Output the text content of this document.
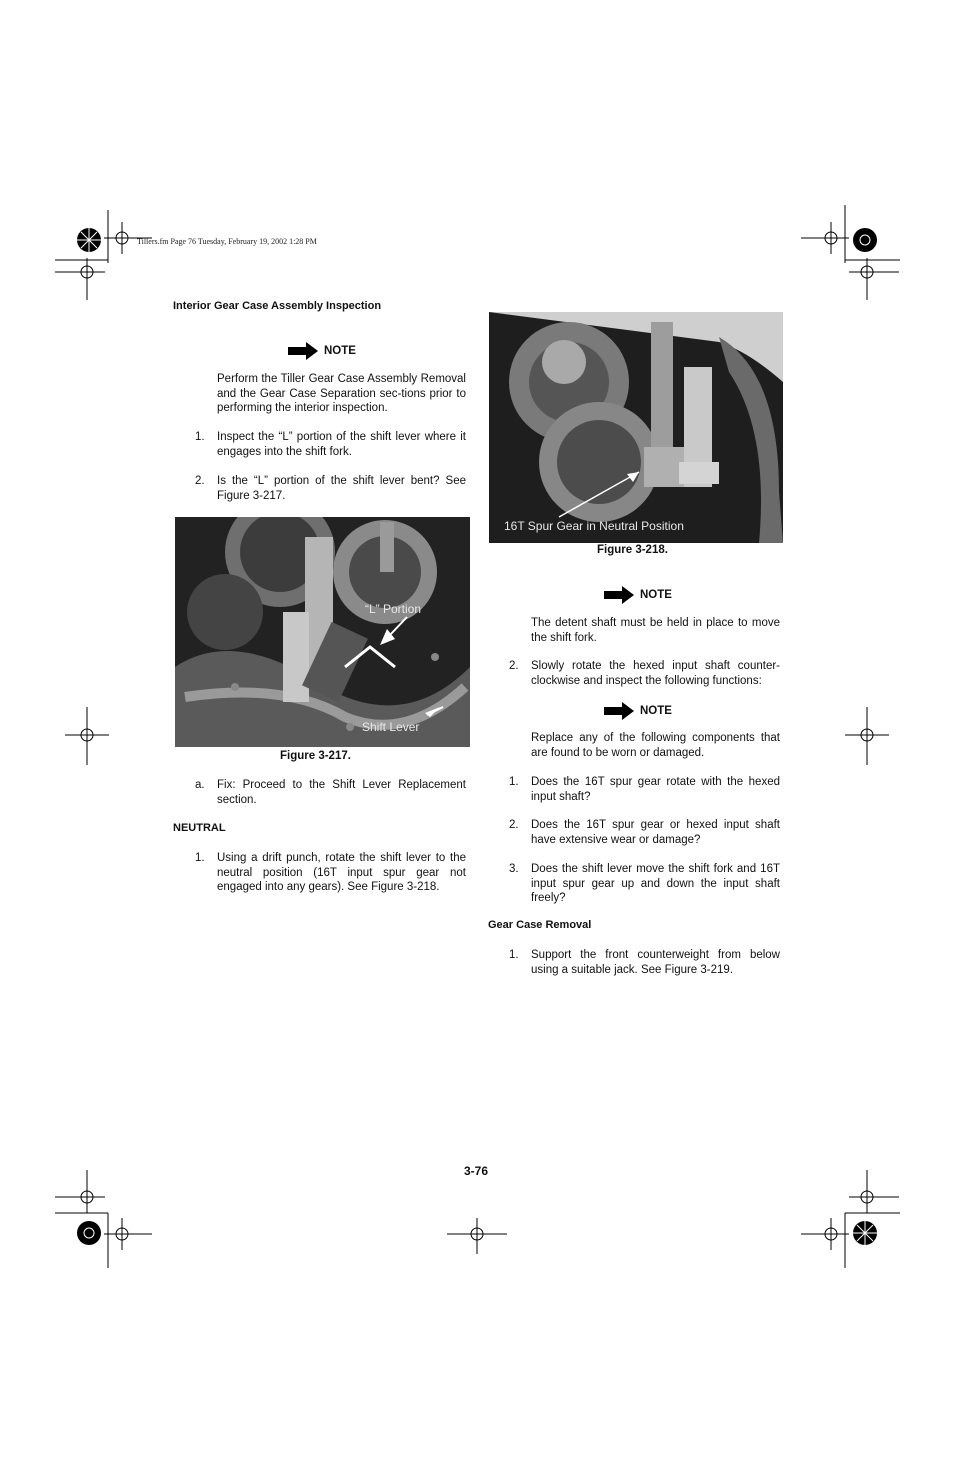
Tillers.fm Page 76 Tuesday, February 19, 2002 1:28 PM
Interior Gear Case Assembly Inspection
NOTE
Perform the Tiller Gear Case Assembly Removal and the Gear Case Separation sec-tions prior to performing the interior inspection.
1. Inspect the “L” portion of the shift lever where it engages into the shift fork.
2. Is the “L” portion of the shift lever bent? See Figure 3-217.
“L” Portion
Shift Lever
Figure 3-217.
a. Fix: Proceed to the Shift Lever Replacement section.
NEUTRAL
1. Using a drift punch, rotate the shift lever to the neutral position (16T input spur gear not engaged into any gears). See Figure 3-218.
16T Spur Gear in Neutral Position
Figure 3-218.
NOTE
The detent shaft must be held in place to move the shift fork.
2. Slowly rotate the hexed input shaft counter-clockwise and inspect the following functions:
NOTE
Replace any of the following components that are found to be worn or damaged.
1. Does the 16T spur gear rotate with the hexed input shaft?
2. Does the 16T spur gear or hexed input shaft have extensive wear or damage?
3. Does the shift lever move the shift fork and 16T input spur gear up and down the input shaft freely?
Gear Case Removal
1. Support the front counterweight from below using a suitable jack. See Figure 3-219.
3-76
